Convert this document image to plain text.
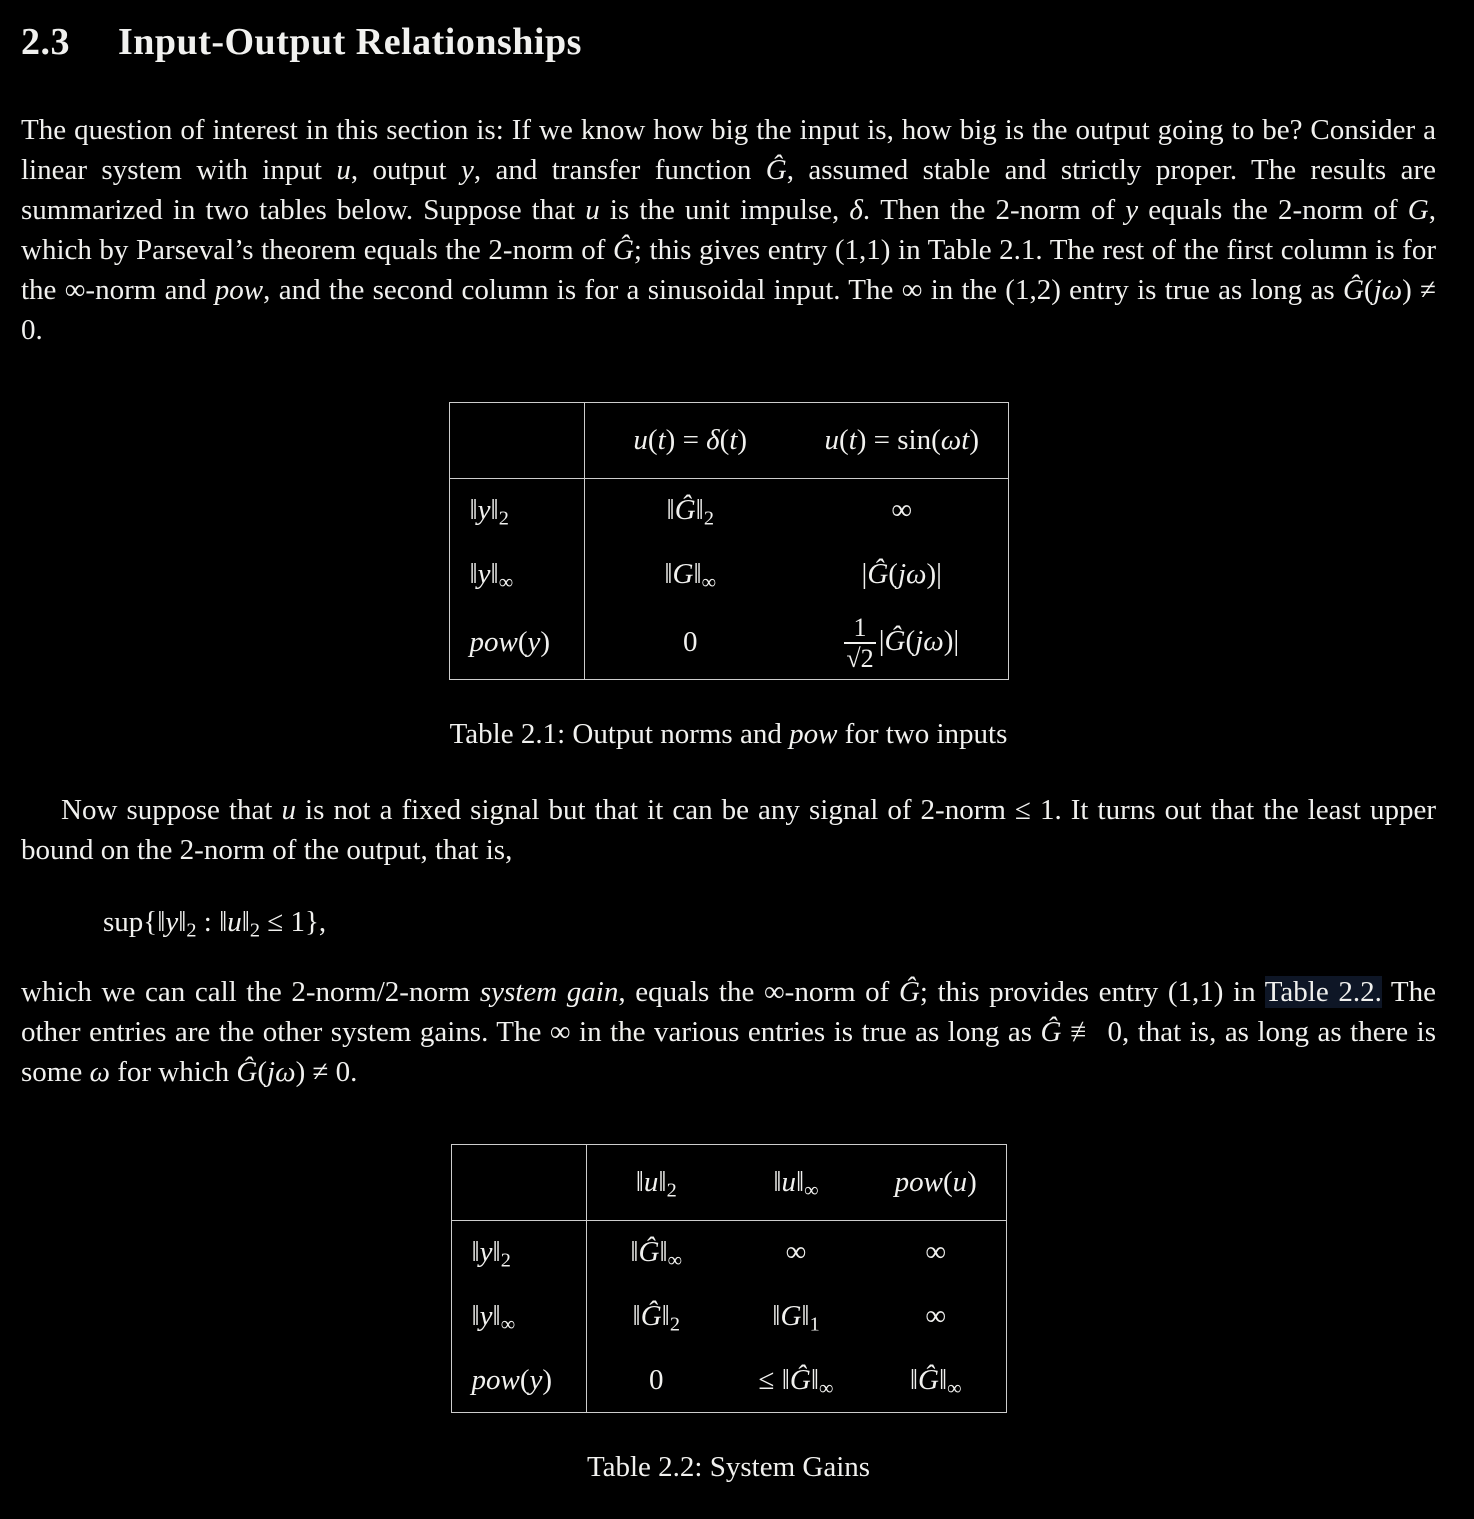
2.3 Input-Output Relationships

The question of interest in this section is: If we know how big the input is, how big is the output going to be? Consider a linear system with input u, output y, and transfer function Ĝ, assumed stable and strictly proper. The results are summarized in two tables below. Suppose that u is the unit impulse, δ. Then the 2-norm of y equals the 2-norm of G, which by Parseval’s theorem equals the 2-norm of Ĝ; this gives entry (1,1) in Table 2.1. The rest of the first column is for the ∞-norm and pow, and the second column is for a sinusoidal input. The ∞ in the (1,2) entry is true as long as Ĝ(jω) ≠ 0.

	u(t) = δ(t)	u(t) = sin(ωt)
$‖y‖_2$	$‖Ĝ‖_2$	∞
$‖y‖_\infty$	$‖G‖_\infty$	|Ĝ(jω)|
pow(y)	0	$\frac{1}{√2}$ |Ĝ(jω)|
Table 2.1: Output norms and pow for two inputs

Now suppose that u is not a fixed signal but that it can be any signal of 2-norm ≤ 1. It turns out that the least upper bound on the 2-norm of the output, that is,

$sup\{‖y‖_2$ : $‖u‖_2 \le 1$},

which we can call the 2-norm/2-norm system gain, equals the ∞-norm of Ĝ; this provides entry (1,1) in Table 2.2. The other entries are the other system gains. The ∞ in the various entries is true as long as Ĝ ≢ 0, that is, as long as there is some ω for which Ĝ(jω) ≠ 0.

	$‖u‖_2$	$‖u‖_\infty$	pow(u)
$‖y‖_2$	$‖Ĝ‖_\infty$	∞	∞
$‖y‖_\infty$	$‖Ĝ‖_2$	$‖G‖_1$	∞
pow(y)	0	≤ $‖Ĝ‖_\infty$	$‖Ĝ‖_\infty$
Table 2.2: System Gains
